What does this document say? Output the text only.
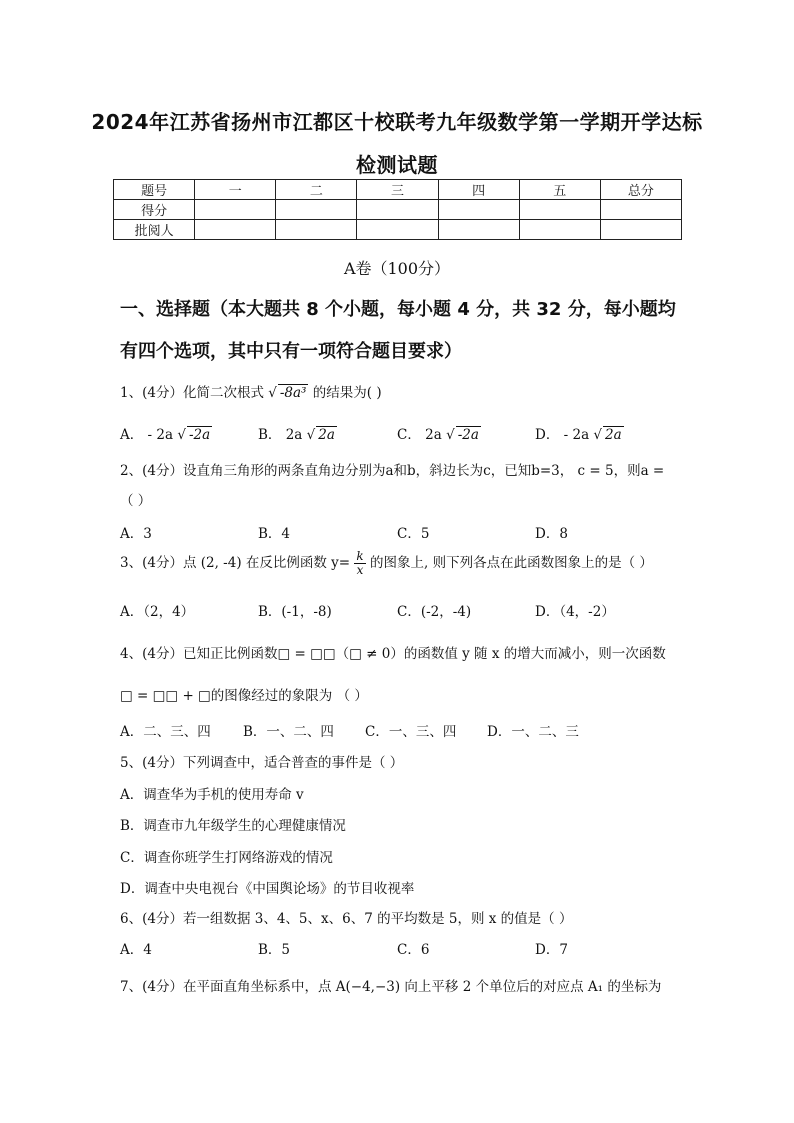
2024年江苏省扬州市江都区十校联考九年级数学第一学期开学达标
检测试题
题号	一	二	三	四	五	总分
得分						
批阅人						
A卷（100分）
一、选择题（本大题共 8 个小题，每小题 4 分，共 32 分，每小题均
有四个选项，其中只有一项符合题目要求）
1、(4分）化简二次根式 √ -8a³ 的结果为( )
A． - 2a √ -2a	B． 2a √ 2a	C． 2a √ -2a	D． - 2a √ 2a
2、(4分）设直角三角形的两条直角边分别为a和b，斜边长为c，已知b=3， c = 5，则a =
（ ）
A．3	B．4	C．5	D．8
3、(4分）点 (2, -4) 在反比例函数 $y= \frac{k}{x}$ 的图象上, 则下列各点在此函数图象上的是（ ）
A．（2，4）	B．(-1，-8)	C．(-2，-4)	D．（4，-2）
4、(4分）已知正比例函数□ = □□（□ ≠ 0）的函数值 y 随 x 的增大而减小，则一次函数
□ = □□ + □的图像经过的象限为 （ ）
A．二、三、四 B．一、二、四 C．一、三、四 D．一、二、三
5、(4分）下列调查中，适合普查的事件是（ ）
A．调查华为手机的使用寿命 v
B．调查市九年级学生的心理健康情况
C．调查你班学生打网络游戏的情况
D．调查中央电视台《中国舆论场》的节目收视率
6、(4分）若一组数据 3、4、5、x、6、7 的平均数是 5，则 x 的值是（ ）
A．4	B．5	C．6	D．7
7、(4分）在平面直角坐标系中，点 A(−4,−3) 向上平移 2 个单位后的对应点 A₁ 的坐标为
